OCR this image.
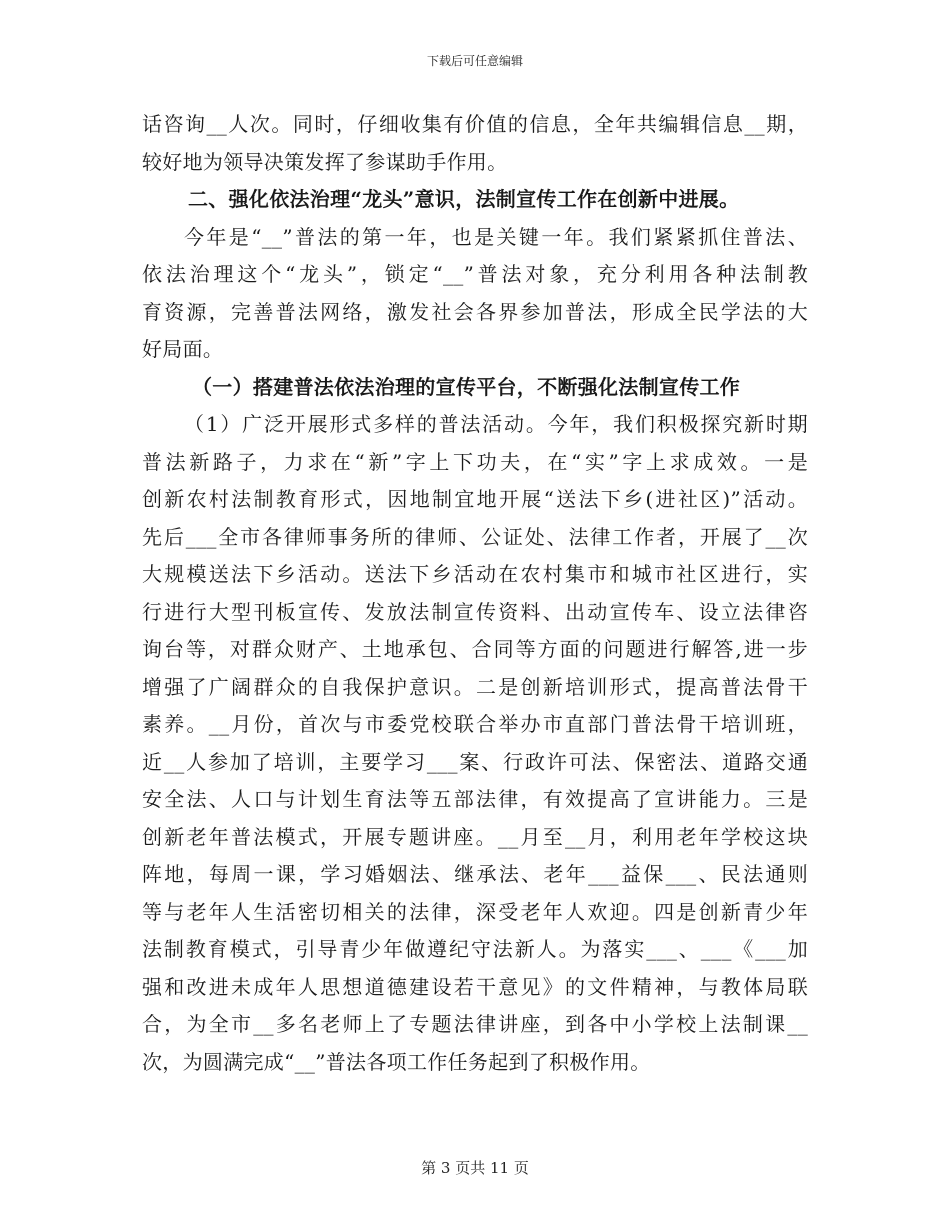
下载后可任意编辑
话咨询__人次。同时，仔细收集有价值的信息，全年共编辑信息__期，
较好地为领导决策发挥了参谋助手作用。
二、强化依法治理“龙头”意识，法制宣传工作在创新中进展。
今年是“__”普法的第一年，也是关键一年。我们紧紧抓住普法、
依法治理这个“龙头”，锁定“__”普法对象，充分利用各种法制教
育资源，完善普法网络，激发社会各界参加普法，形成全民学法的大
好局面。
（一）搭建普法依法治理的宣传平台，不断强化法制宣传工作
（1）广泛开展形式多样的普法活动。今年，我们积极探究新时期
普法新路子，力求在“新”字上下功夫，在“实”字上求成效。一是
创新农村法制教育形式，因地制宜地开展“送法下乡(进社区)”活动。
先后___全市各律师事务所的律师、公证处、法律工作者，开展了__次
大规模送法下乡活动。送法下乡活动在农村集市和城市社区进行，实
行进行大型刊板宣传、发放法制宣传资料、出动宣传车、设立法律咨
询台等，对群众财产、土地承包、合同等方面的问题进行解答,进一步
增强了广阔群众的自我保护意识。二是创新培训形式，提高普法骨干
素养。__月份，首次与市委党校联合举办市直部门普法骨干培训班，
近__人参加了培训，主要学习___案、行政许可法、保密法、道路交通
安全法、人口与计划生育法等五部法律，有效提高了宣讲能力。三是
创新老年普法模式，开展专题讲座。__月至__月，利用老年学校这块
阵地，每周一课，学习婚姻法、继承法、老年___益保___、民法通则
等与老年人生活密切相关的法律，深受老年人欢迎。四是创新青少年
法制教育模式，引导青少年做遵纪守法新人。为落实___、___《___加
强和改进未成年人思想道德建设若干意见》的文件精神，与教体局联
合，为全市__多名老师上了专题法律讲座，到各中小学校上法制课__
次，为圆满完成“__”普法各项工作任务起到了积极作用。
第 3 页共 11 页
